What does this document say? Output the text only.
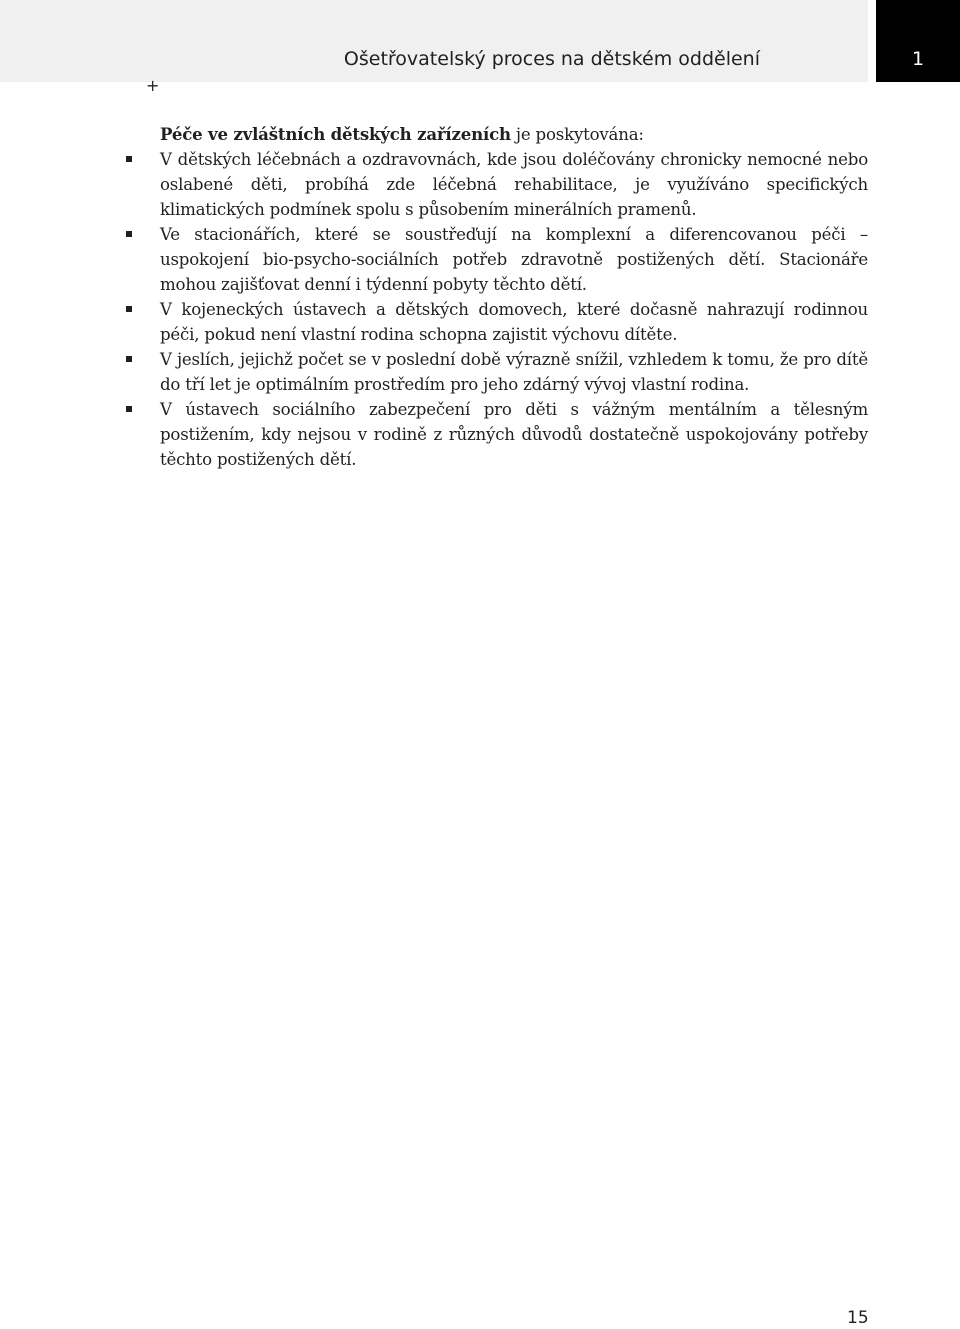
Ošetřovatelský proces na dětském oddělení	1
+

Péče ve zvláštních dětských zařízeních je poskytována:

V dětských léčebnách a ozdravovnách, kde jsou doléčovány chronicky nemocné nebo oslabené děti, probíhá zde léčebná rehabilitace, je využíváno specifických klimatických podmínek spolu s působením minerálních pramenů.
Ve stacionářích, které se soustřeďují na komplexní a diferencovanou péči – uspokojení bio-psycho-sociálních potřeb zdravotně postižených dětí. Stacionáře mohou zajišťovat denní i týdenní pobyty těchto dětí.
V kojeneckých ústavech a dětských domovech, které dočasně nahrazují rodinnou péči, pokud není vlastní rodina schopna zajistit výchovu dítěte.
V jeslích, jejichž počet se v poslední době výrazně snížil, vzhledem k tomu, že pro dítě do tří let je optimálním prostředím pro jeho zdárný vývoj vlastní rodina.
V ústavech sociálního zabezpečení pro děti s vážným mentálním a tělesným postižením, kdy nejsou v rodině z různých důvodů dostatečně uspokojovány potřeby těchto postižených dětí.
15
